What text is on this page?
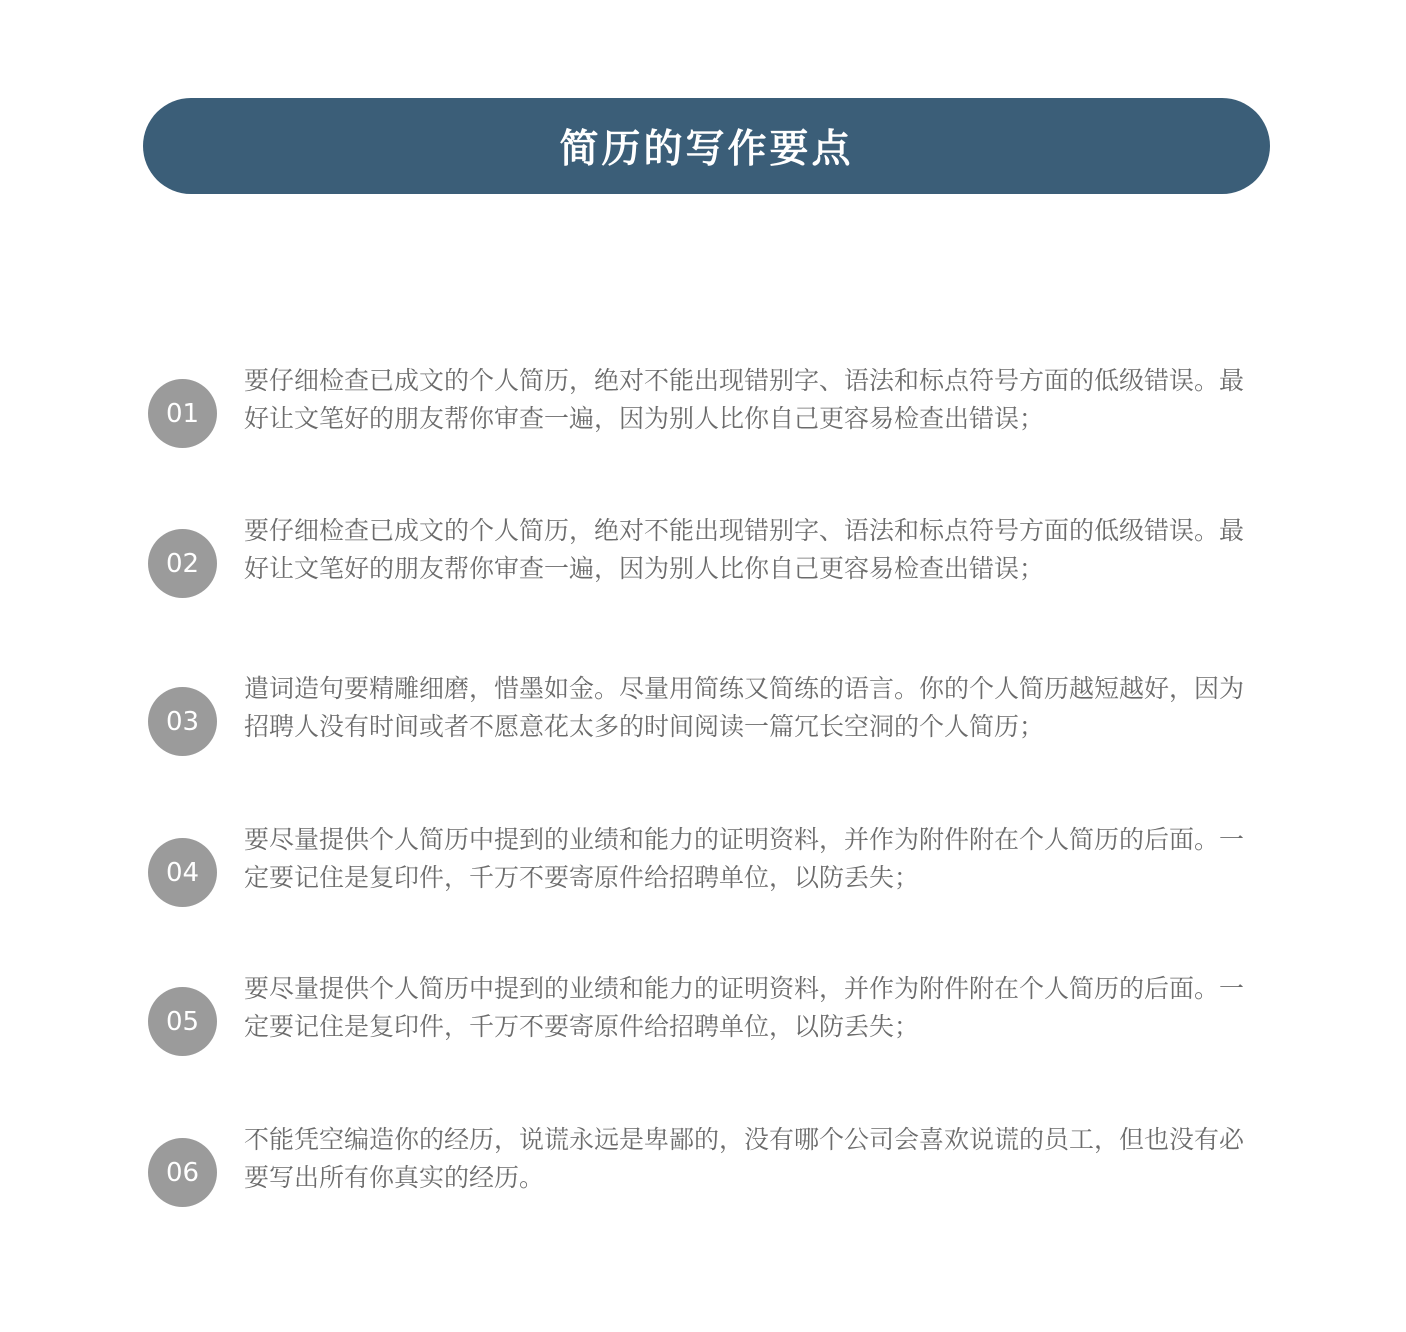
简历的写作要点
01
要仔细检查已成文的个人简历，绝对不能出现错别字、语法和标点符号方面的低级错误。最好让文笔好的朋友帮你审查一遍，因为别人比你自己更容易检查出错误；
02
要仔细检查已成文的个人简历，绝对不能出现错别字、语法和标点符号方面的低级错误。最好让文笔好的朋友帮你审查一遍，因为别人比你自己更容易检查出错误；
03
遣词造句要精雕细磨，惜墨如金。尽量用简练又简练的语言。你的个人简历越短越好，因为招聘人没有时间或者不愿意花太多的时间阅读一篇冗长空洞的个人简历；
04
要尽量提供个人简历中提到的业绩和能力的证明资料，并作为附件附在个人简历的后面。一定要记住是复印件，千万不要寄原件给招聘单位，以防丢失；
05
要尽量提供个人简历中提到的业绩和能力的证明资料，并作为附件附在个人简历的后面。一定要记住是复印件，千万不要寄原件给招聘单位，以防丢失；
06
不能凭空编造你的经历，说谎永远是卑鄙的，没有哪个公司会喜欢说谎的员工，但也没有必要写出所有你真实的经历。
